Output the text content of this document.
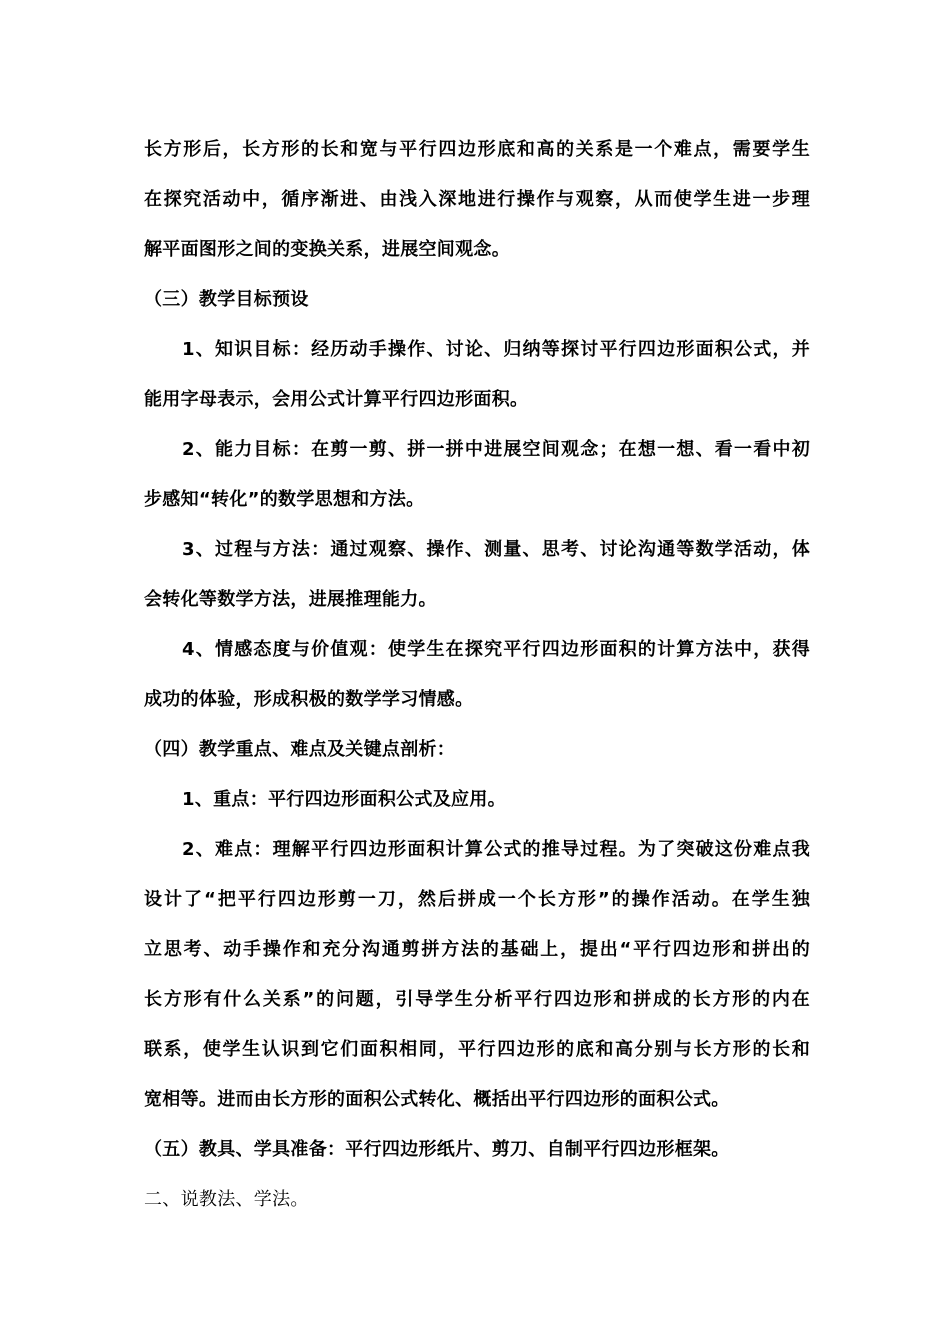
长方形后，长方形的长和宽与平行四边形底和高的关系是一个难点，需要学生
在探究活动中，循序渐进、由浅入深地进行操作与观察，从而使学生进一步理
解平面图形之间的变换关系，进展空间观念。
（三）教学目标预设
1、知识目标：经历动手操作、讨论、归纳等探讨平行四边形面积公式，并
能用字母表示，会用公式计算平行四边形面积。
2、能力目标：在剪一剪、拼一拼中进展空间观念；在想一想、看一看中初
步感知“转化”的数学思想和方法。
3、过程与方法：通过观察、操作、测量、思考、讨论沟通等数学活动，体
会转化等数学方法，进展推理能力。
4、情感态度与价值观：使学生在探究平行四边形面积的计算方法中，获得
成功的体验，形成积极的数学学习情感。
（四）教学重点、难点及关键点剖析：
1、重点：平行四边形面积公式及应用。
2、难点：理解平行四边形面积计算公式的推导过程。为了突破这份难点我
设计了“把平行四边形剪一刀，然后拼成一个长方形”的操作活动。在学生独
立思考、动手操作和充分沟通剪拼方法的基础上，提出“平行四边形和拼出的
长方形有什么关系”的问题，引导学生分析平行四边形和拼成的长方形的内在
联系，使学生认识到它们面积相同，平行四边形的底和高分别与长方形的长和
宽相等。进而由长方形的面积公式转化、概括出平行四边形的面积公式。
（五）教具、学具准备：平行四边形纸片、剪刀、自制平行四边形框架。
二、说教法、学法。
